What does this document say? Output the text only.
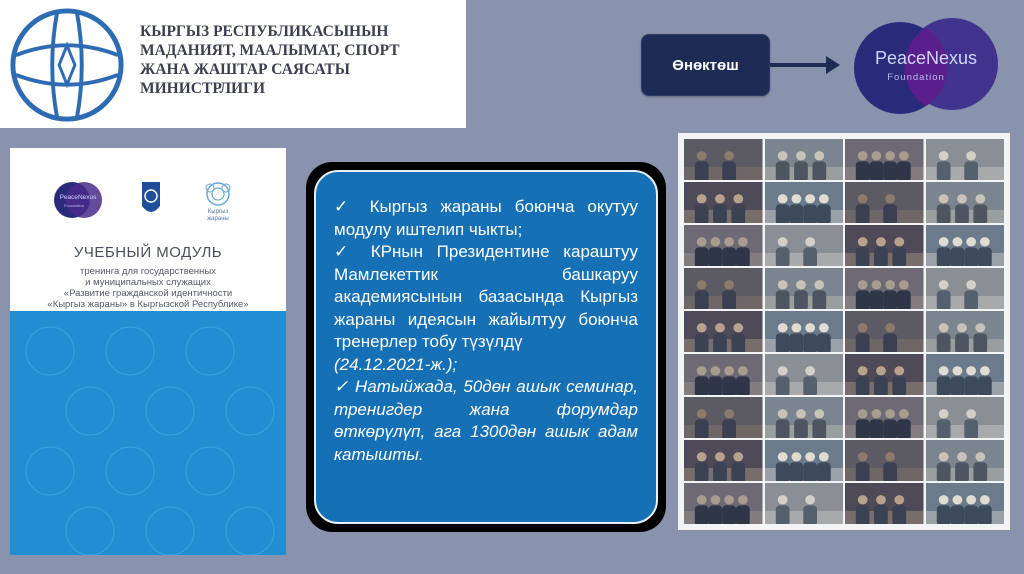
КЫРГЫЗ РЕСПУБЛИКАСЫНЫН
МАДАНИЯТ, МААЛЫМАТ, СПОРТ
ЖАНА ЖАШТАР САЯСАТЫ
МИНИСТРЛИГИ
Өнөктөш	PeaceNexus
Foundation
PeaceNexus
Foundation
Кыргыз
жараны
УЧЕБНЫЙ МОДУЛЬ
тренинга для государственных
и муниципальных служащих
«Развитие гражданской идентичности
«Кыргыз жараны» в Кыргызской Республике»

✓ Кыргыз жараны боюнча окутуу модулу иштелип чыкты;

✓ КРнын Президентине караштуу Мамлекеттик башкаруу академиясынын базасында Кыргыз жараны идеясын жайылтуу боюнча тренерлер тобу түзүлдү

(24.12.2021-ж.);

✓ Натыйжада, 50дөн ашык семинар, тренигдер жана форумдар өткөрүлүп, ага 1300дөн ашык адам катышты.
